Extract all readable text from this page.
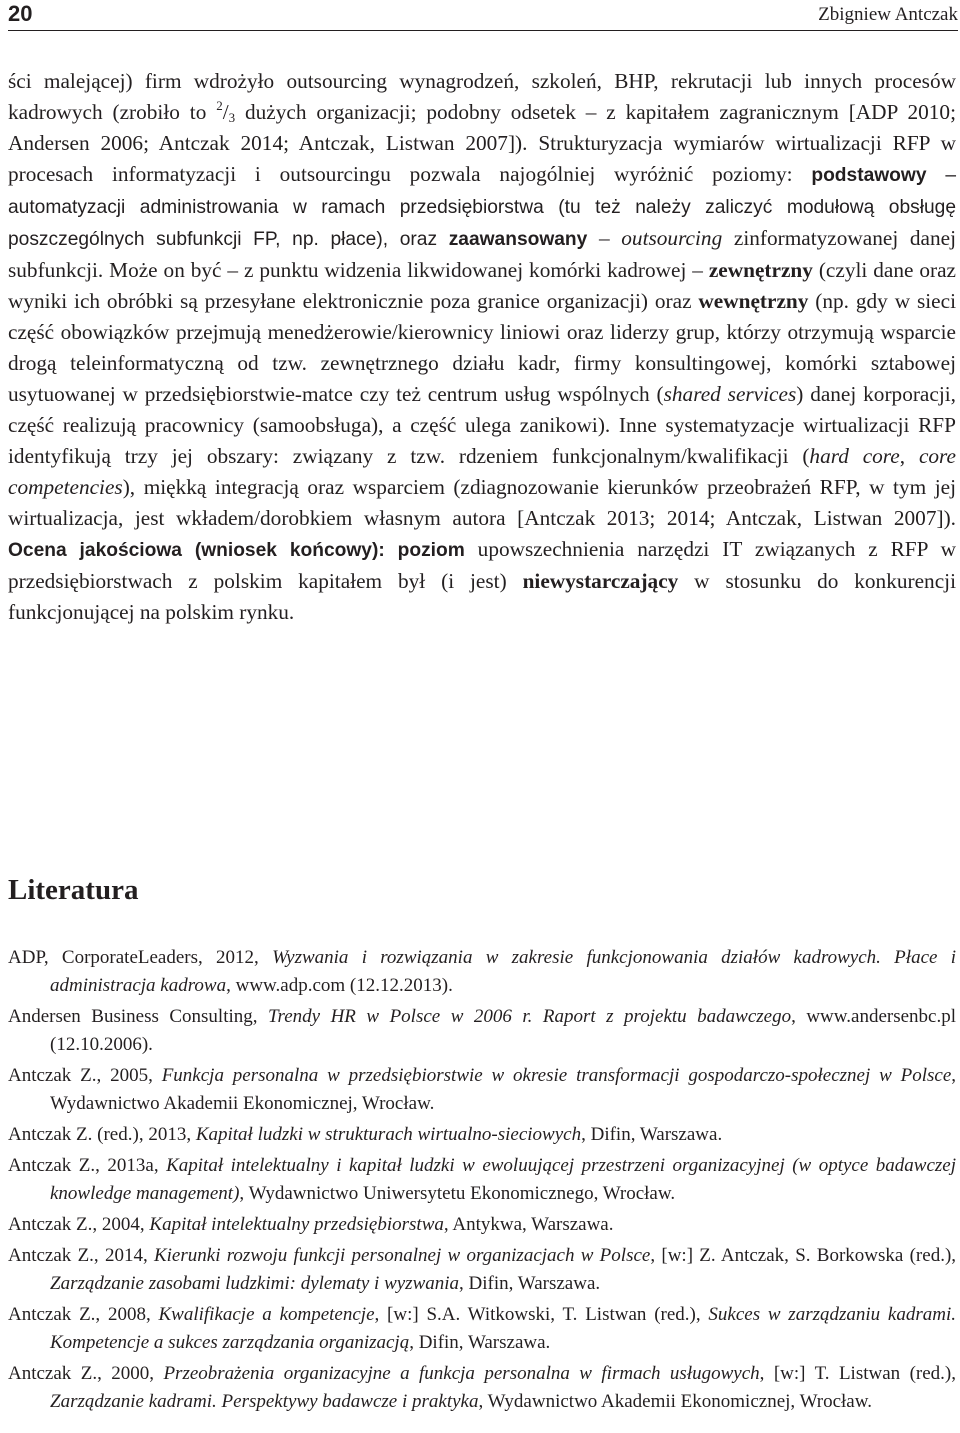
20	Zbigniew Antczak

ści malejącej) firm wdrożyło outsourcing wynagrodzeń, szkoleń, BHP, rekrutacji lub innych procesów kadrowych (zrobiło to $^2/_3$ dużych organizacji; podobny odsetek – z kapitałem zagranicznym [ADP 2010; Andersen 2006; Antczak 2014; Antczak, Listwan 2007]). Strukturyzacja wymiarów wirtualizacji RFP w procesach informatyzacji i outsourcingu pozwala najogólniej wyróżnić poziomy: podstawowy – automatyzacji administrowania w ramach przedsiębiorstwa (tu też należy zaliczyć modułową obsługę poszczególnych subfunkcji FP, np. płace), oraz zaawansowany – outsourcing zinformatyzowanej danej subfunkcji. Może on być – z punktu widzenia likwidowanej komórki kadrowej – zewnętrzny (czyli dane oraz wyniki ich obróbki są przesyłane elektronicznie poza granice organizacji) oraz wewnętrzny (np. gdy w sieci część obowiązków przejmują menedżerowie/kierownicy liniowi oraz liderzy grup, którzy otrzymują wsparcie drogą teleinformatyczną od tzw. zewnętrznego działu kadr, firmy konsultingowej, komórki sztabowej usytuowanej w przedsiębiorstwie-matce czy też centrum usług wspólnych (shared services) danej korporacji, część realizują pracownicy (samoobsługa), a część ulega zanikowi). Inne systematyzacje wirtualizacji RFP identyfikują trzy jej obszary: związany z tzw. rdzeniem funkcjonalnym/kwalifikacji (hard core, core competencies), miękką integracją oraz wsparciem (zdiagnozowanie kierunków przeobrażeń RFP, w tym jej wirtualizacja, jest wkładem/dorobkiem własnym autora [Antczak 2013; 2014; Antczak, Listwan 2007]). Ocena jakościowa (wniosek końcowy): poziom upowszechnienia narzędzi IT związanych z RFP w przedsiębiorstwach z polskim kapitałem był (i jest) niewystarczający w stosunku do konkurencji funkcjonującej na polskim rynku.

Literatura
ADP, CorporateLeaders, 2012, Wyzwania i rozwiązania w zakresie funkcjonowania działów kadrowych. Płace i administracja kadrowa, www.adp.com (12.12.2013).
Andersen Business Consulting, Trendy HR w Polsce w 2006 r. Raport z projektu badawczego, www.andersenbc.pl (12.10.2006).
Antczak Z., 2005, Funkcja personalna w przedsiębiorstwie w okresie transformacji gospodarczo-społecznej w Polsce, Wydawnictwo Akademii Ekonomicznej, Wrocław.
Antczak Z. (red.), 2013, Kapitał ludzki w strukturach wirtualno-sieciowych, Difin, Warszawa.
Antczak Z., 2013a, Kapitał intelektualny i kapitał ludzki w ewoluującej przestrzeni organizacyjnej (w optyce badawczej knowledge management), Wydawnictwo Uniwersytetu Ekonomicznego, Wrocław.
Antczak Z., 2004, Kapitał intelektualny przedsiębiorstwa, Antykwa, Warszawa.
Antczak Z., 2014, Kierunki rozwoju funkcji personalnej w organizacjach w Polsce, [w:] Z. Antczak, S. Borkowska (red.), Zarządzanie zasobami ludzkimi: dylematy i wyzwania, Difin, Warszawa.
Antczak Z., 2008, Kwalifikacje a kompetencje, [w:] S.A. Witkowski, T. Listwan (red.), Sukces w zarządzaniu kadrami. Kompetencje a sukces zarządzania organizacją, Difin, Warszawa.
Antczak Z., 2000, Przeobrażenia organizacyjne a funkcja personalna w firmach usługowych, [w:] T. Listwan (red.), Zarządzanie kadrami. Perspektywy badawcze i praktyka, Wydawnictwo Akademii Ekonomicznej, Wrocław.
